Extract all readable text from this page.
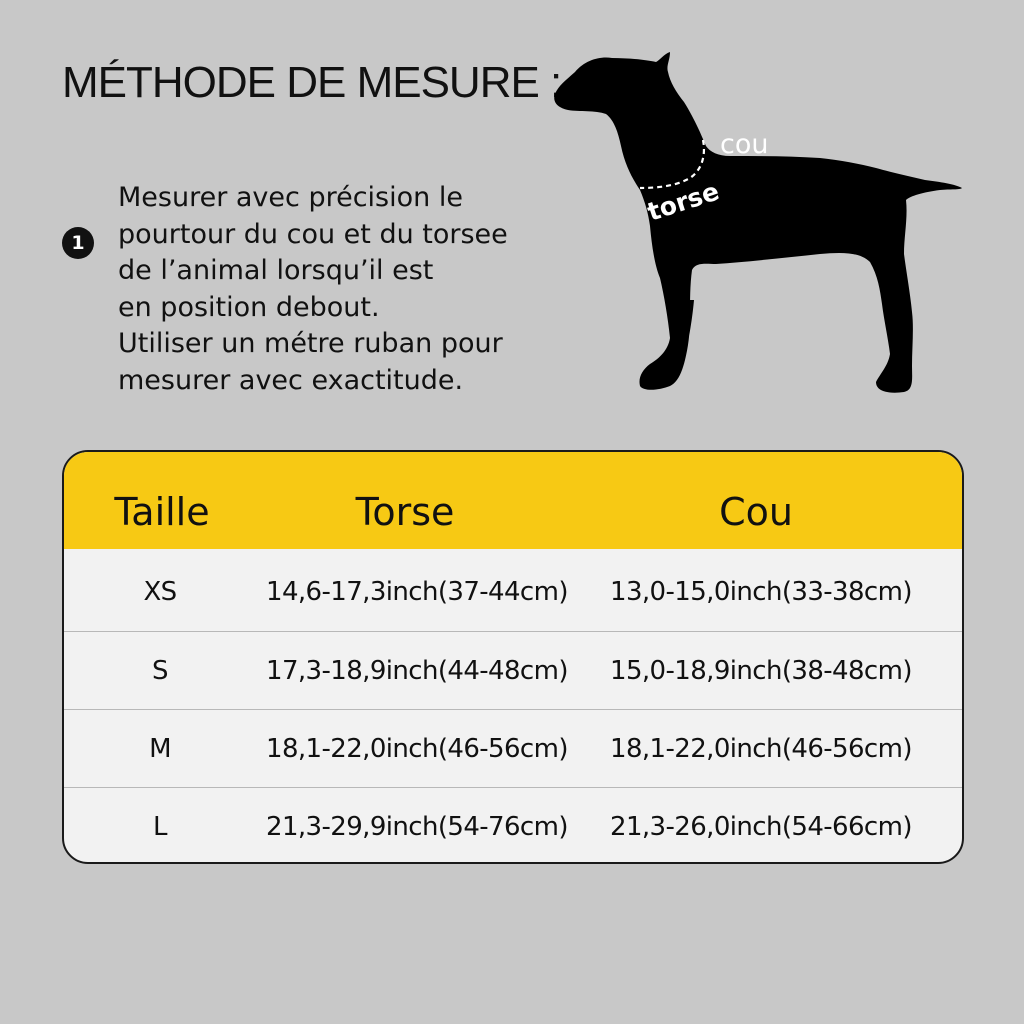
MÉTHODE DE MESURE :
1
Mesurer avec précision le
pourtour du cou et du torsee
de l’animal lorsqu’il est
en position debout.
Utiliser un métre ruban pour
mesurer avec exactitude.
cou
torse
Taille	Torse	Cou
XS	14,6-17,3inch(37-44cm)	13,0-15,0inch(33-38cm)
S	17,3-18,9inch(44-48cm)	15,0-18,9inch(38-48cm)
M	18,1-22,0inch(46-56cm)	18,1-22,0inch(46-56cm)
L	21,3-29,9inch(54-76cm)	21,3-26,0inch(54-66cm)
